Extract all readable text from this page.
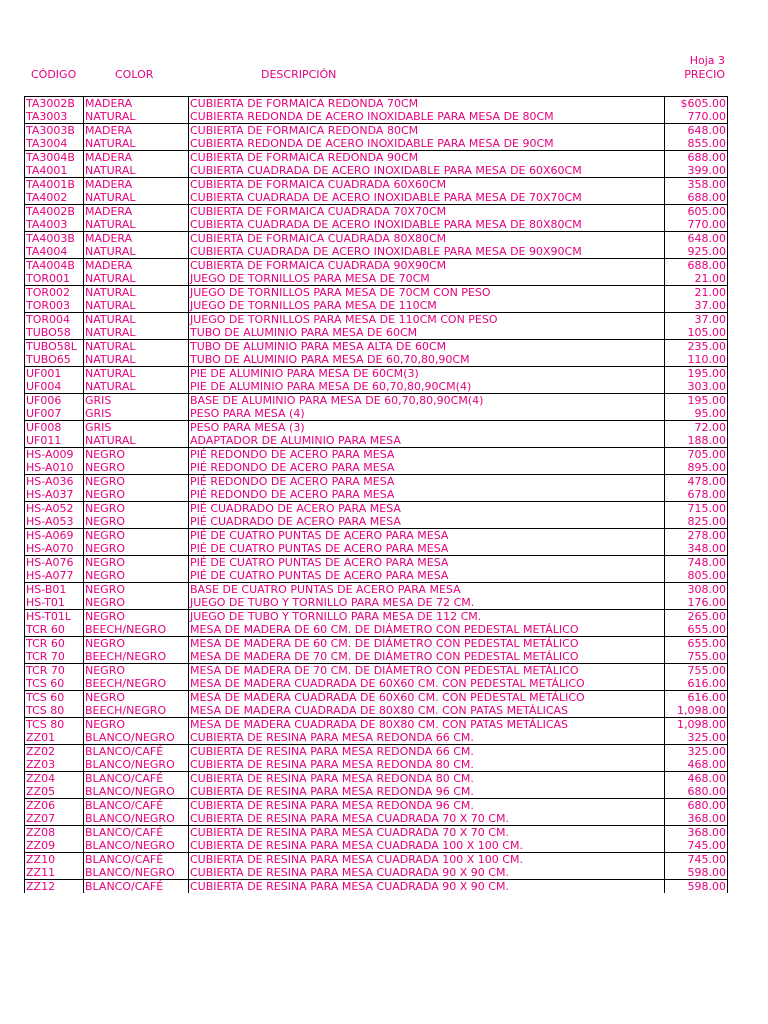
Hoja 3
CÓDIGO	COLOR	DESCRIPCIÓN	PRECIO
TA3002B	MADERA	CUBIERTA DE FORMAICA REDONDA 70CM	$605.00
TA3003	NATURAL	CUBIERTA REDONDA DE ACERO INOXIDABLE PARA MESA DE 80CM	770.00
TA3003B	MADERA	CUBIERTA DE FORMAICA REDONDA 80CM	648.00
TA3004	NATURAL	CUBIERTA REDONDA DE ACERO INOXIDABLE PARA MESA DE 90CM	855.00
TA3004B	MADERA	CUBIERTA DE FORMAICA REDONDA 90CM	688.00
TA4001	NATURAL	CUBIERTA CUADRADA DE ACERO INOXIDABLE PARA MESA DE 60X60CM	399.00
TA4001B	MADERA	CUBIERTA DE FORMAICA CUADRADA 60X60CM	358.00
TA4002	NATURAL	CUBIERTA CUADRADA DE ACERO INOXIDABLE PARA MESA DE 70X70CM	688.00
TA4002B	MADERA	CUBIERTA DE FORMAICA CUADRADA 70X70CM	605.00
TA4003	NATURAL	CUBIERTA CUADRADA DE ACERO INOXIDABLE PARA MESA DE 80X80CM	770.00
TA4003B	MADERA	CUBIERTA DE FORMAICA CUADRADA 80X80CM	648.00
TA4004	NATURAL	CUBIERTA CUADRADA DE ACERO INOXIDABLE PARA MESA DE 90X90CM	925.00
TA4004B	MADERA	CUBIERTA DE FORMAICA CUADRADA 90X90CM	688.00
TOR001	NATURAL	JUEGO DE TORNILLOS PARA MESA DE 70CM	21.00
TOR002	NATURAL	JUEGO DE TORNILLOS PARA MESA DE 70CM CON PESO	21.00
TOR003	NATURAL	JUEGO DE TORNILLOS PARA MESA DE 110CM	37.00
TOR004	NATURAL	JUEGO DE TORNILLOS PARA MESA DE 110CM CON PESO	37.00
TUBO58	NATURAL	TUBO DE ALUMINIO PARA MESA DE 60CM	105.00
TUBO58L	NATURAL	TUBO DE ALUMINIO PARA MESA ALTA DE 60CM	235.00
TUBO65	NATURAL	TUBO DE ALUMINIO PARA MESA DE 60,70,80,90CM	110.00
UF001	NATURAL	PIE DE ALUMINIO PARA MESA DE 60CM(3)	195.00
UF004	NATURAL	PIE DE ALUMINIO PARA MESA DE 60,70,80,90CM(4)	303.00
UF006	GRIS	BASE DE ALUMINIO PARA MESA DE 60,70,80,90CM(4)	195.00
UF007	GRIS	PESO PARA MESA (4)	95.00
UF008	GRIS	PESO PARA MESA (3)	72.00
UF011	NATURAL	ADAPTADOR DE ALUMINIO PARA MESA	188.00
HS-A009	NEGRO	PIÉ REDONDO DE ACERO PARA MESA	705.00
HS-A010	NEGRO	PIÉ REDONDO DE ACERO PARA MESA	895.00
HS-A036	NEGRO	PIÉ REDONDO DE ACERO PARA MESA	478.00
HS-A037	NEGRO	PIÉ REDONDO DE ACERO PARA MESA	678.00
HS-A052	NEGRO	PIÉ CUADRADO DE ACERO PARA MESA	715.00
HS-A053	NEGRO	PIÉ CUADRADO DE ACERO PARA MESA	825.00
HS-A069	NEGRO	PIÉ DE CUATRO PUNTAS DE ACERO PARA MESA	278.00
HS-A070	NEGRO	PIÉ DE CUATRO PUNTAS DE ACERO PARA MESA	348.00
HS-A076	NEGRO	PIÉ DE CUATRO PUNTAS DE ACERO PARA MESA	748.00
HS-A077	NEGRO	PIÉ DE CUATRO PUNTAS DE ACERO PARA MESA	805.00
HS-B01	NEGRO	BASE DE CUATRO PUNTAS DE ACERO PARA MESA	308.00
HS-T01	NEGRO	JUEGO DE TUBO Y TORNILLO PARA MESA DE 72 CM.	176.00
HS-T01L	NEGRO	JUEGO DE TUBO Y TORNILLO PARA MESA DE 112 CM.	265.00
TCR 60	BEECH/NEGRO	MESA DE MADERA DE 60 CM. DE DIÁMETRO CON PEDESTAL METÁLICO	655.00
TCR 60	NEGRO	MESA DE MADERA DE 60 CM. DE DIÁMETRO CON PEDESTAL METÁLICO	655.00
TCR 70	BEECH/NEGRO	MESA DE MADERA DE 70 CM. DE DIÁMETRO CON PEDESTAL METÁLICO	755.00
TCR 70	NEGRO	MESA DE MADERA DE 70 CM. DE DIÁMETRO CON PEDESTAL METÁLICO	755.00
TCS 60	BEECH/NEGRO	MESA DE MADERA CUADRADA DE 60X60 CM. CON PEDESTAL METÁLICO	616.00
TCS 60	NEGRO	MESA DE MADERA CUADRADA DE 60X60 CM. CON PEDESTAL METÁLICO	616.00
TCS 80	BEECH/NEGRO	MESA DE MADERA CUADRADA DE 80X80 CM. CON PATAS METÁLICAS	1,098.00
TCS 80	NEGRO	MESA DE MADERA CUADRADA DE 80X80 CM. CON PATAS METÁLICAS	1,098.00
ZZ01	BLANCO/NEGRO	CUBIERTA DE RESINA PARA MESA REDONDA 66 CM.	325.00
ZZ02	BLANCO/CAFÉ	CUBIERTA DE RESINA PARA MESA REDONDA 66 CM.	325.00
ZZ03	BLANCO/NEGRO	CUBIERTA DE RESINA PARA MESA REDONDA 80 CM.	468.00
ZZ04	BLANCO/CAFÉ	CUBIERTA DE RESINA PARA MESA REDONDA 80 CM.	468.00
ZZ05	BLANCO/NEGRO	CUBIERTA DE RESINA PARA MESA REDONDA 96 CM.	680.00
ZZ06	BLANCO/CAFÉ	CUBIERTA DE RESINA PARA MESA REDONDA 96 CM.	680.00
ZZ07	BLANCO/NEGRO	CUBIERTA DE RESINA PARA MESA CUADRADA 70 X 70 CM.	368.00
ZZ08	BLANCO/CAFÉ	CUBIERTA DE RESINA PARA MESA CUADRADA 70 X 70 CM.	368.00
ZZ09	BLANCO/NEGRO	CUBIERTA DE RESINA PARA MESA CUADRADA 100 X 100 CM.	745.00
ZZ10	BLANCO/CAFÉ	CUBIERTA DE RESINA PARA MESA CUADRADA 100 X 100 CM.	745.00
ZZ11	BLANCO/NEGRO	CUBIERTA DE RESINA PARA MESA CUADRADA 90 X 90 CM.	598.00
ZZ12	BLANCO/CAFÉ	CUBIERTA DE RESINA PARA MESA CUADRADA 90 X 90 CM.	598.00
